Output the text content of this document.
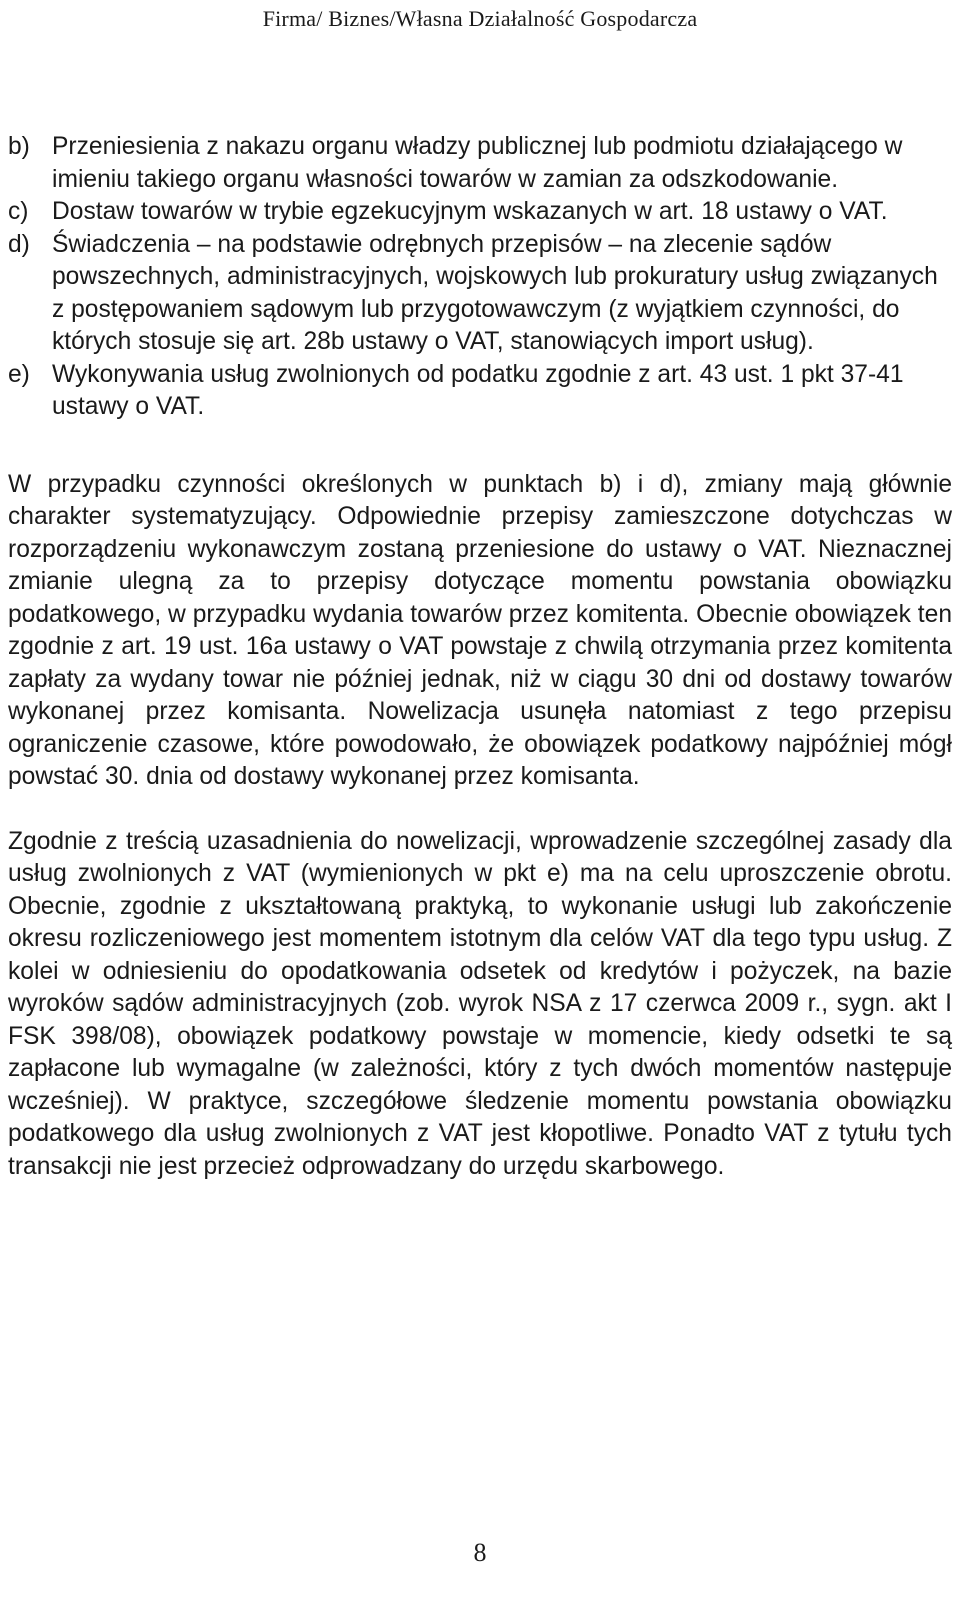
Firma/ Biznes/Własna Działalność Gospodarcza
b) Przeniesienia z nakazu organu władzy publicznej lub podmiotu działającego w imieniu takiego organu własności towarów w zamian za odszkodowanie.
c) Dostaw towarów w trybie egzekucyjnym wskazanych w art. 18 ustawy o VAT.
d) Świadczenia – na podstawie odrębnych przepisów – na zlecenie sądów powszechnych, administracyjnych, wojskowych lub prokuratury usług związanych z postępowaniem sądowym lub przygotowawczym (z wyjątkiem czynności, do których stosuje się art. 28b ustawy o VAT, stanowiących import usług).
e) Wykonywania usług zwolnionych od podatku zgodnie z art. 43 ust. 1 pkt 37-41 ustawy o VAT.

W przypadku czynności określonych w punktach b) i d), zmiany mają głównie charakter systematyzujący. Odpowiednie przepisy zamieszczone dotychczas w rozporządzeniu wykonawczym zostaną przeniesione do ustawy o VAT. Nieznacznej zmianie ulegną za to przepisy dotyczące momentu powstania obowiązku podatkowego, w przypadku wydania towarów przez komitenta. Obecnie obowiązek ten zgodnie z art. 19 ust. 16a ustawy o VAT powstaje z chwilą otrzymania przez komitenta zapłaty za wydany towar nie później jednak, niż w ciągu 30 dni od dostawy towarów wykonanej przez komisanta. Nowelizacja usunęła natomiast z tego przepisu ograniczenie czasowe, które powodowało, że obowiązek podatkowy najpóźniej mógł powstać 30. dnia od dostawy wykonanej przez komisanta.

Zgodnie z treścią uzasadnienia do nowelizacji, wprowadzenie szczególnej zasady dla usług zwolnionych z VAT (wymienionych w pkt e) ma na celu uproszczenie obrotu. Obecnie, zgodnie z ukształtowaną praktyką, to wykonanie usługi lub zakończenie okresu rozliczeniowego jest momentem istotnym dla celów VAT dla tego typu usług. Z kolei w odniesieniu do opodatkowania odsetek od kredytów i pożyczek, na bazie wyroków sądów administracyjnych (zob. wyrok NSA z 17 czerwca 2009 r., sygn. akt I FSK 398/08), obowiązek podatkowy powstaje w momencie, kiedy odsetki te są zapłacone lub wymagalne (w zależności, który z tych dwóch momentów następuje wcześniej). W praktyce, szczegółowe śledzenie momentu powstania obowiązku podatkowego dla usług zwolnionych z VAT jest kłopotliwe. Ponadto VAT z tytułu tych transakcji nie jest przecież odprowadzany do urzędu skarbowego.

8
